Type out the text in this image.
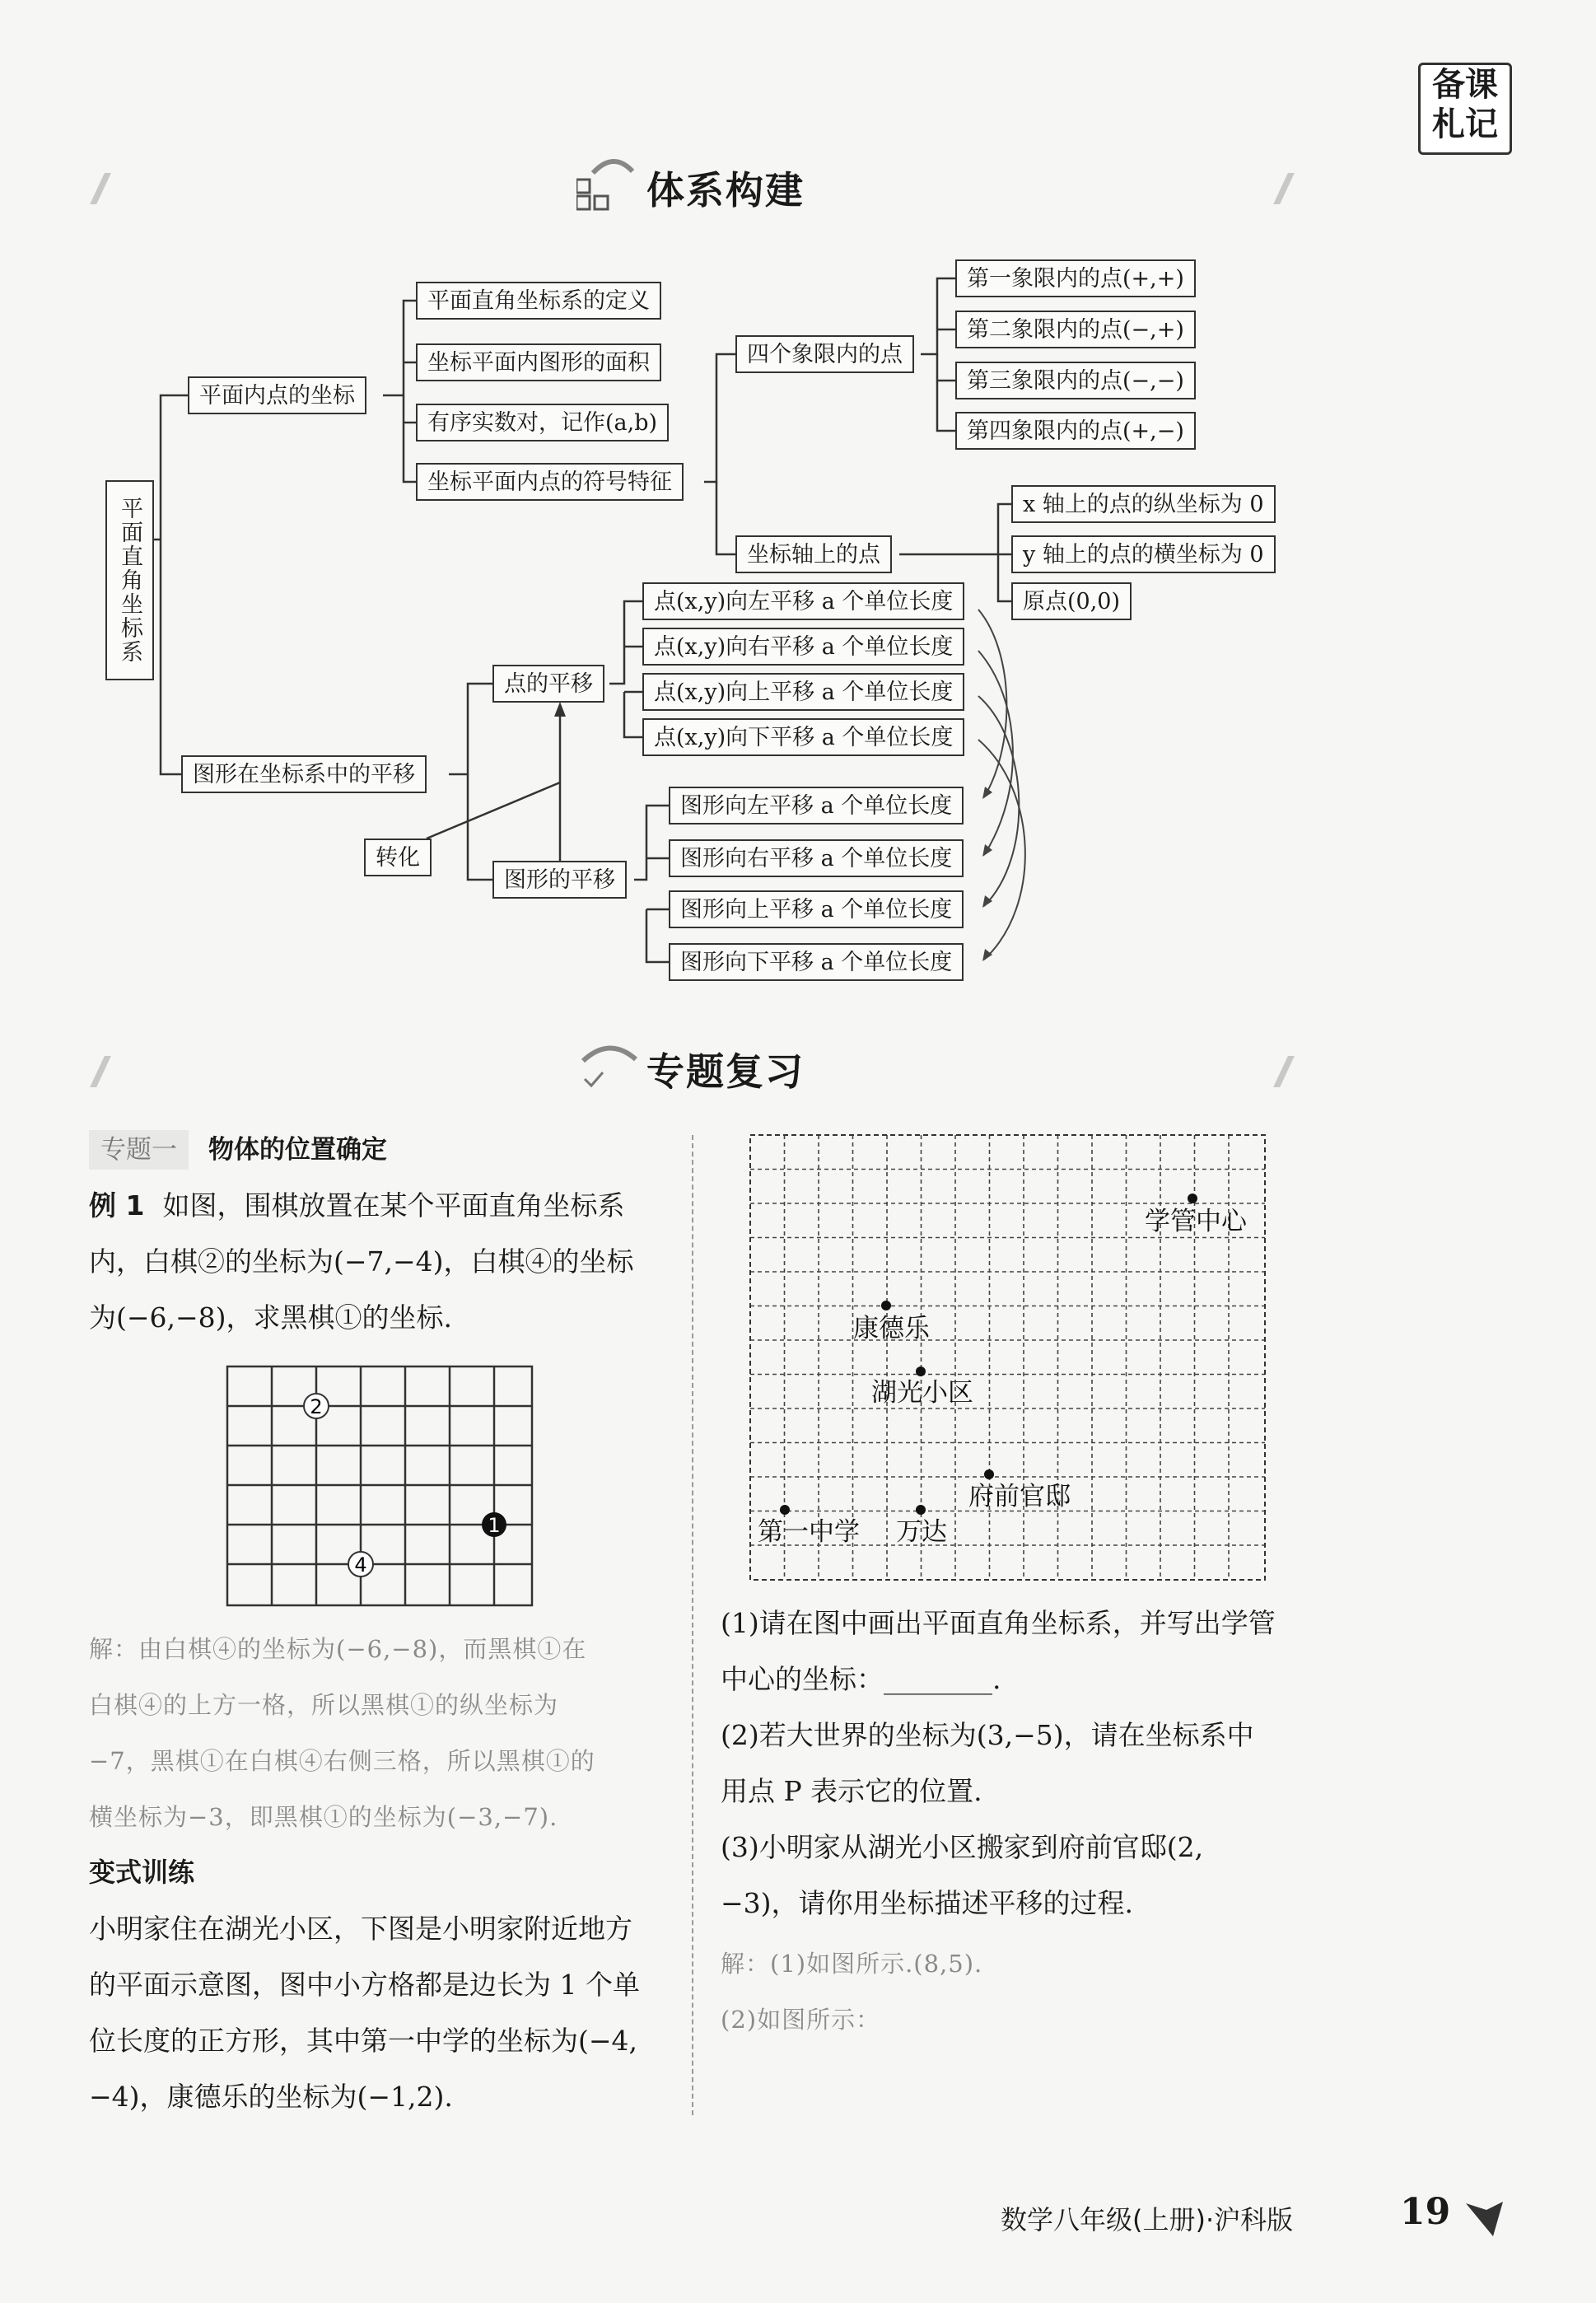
备课
札记
体系构建
平面直角坐标系
平面内点的坐标
平面直角坐标系的定义
坐标平面内图形的面积
有序实数对，记作(a,b)
坐标平面内点的符号特征
四个象限内的点
第一象限内的点(+,+)
第二象限内的点(−,+)
第三象限内的点(−,−)
第四象限内的点(+,−)
坐标轴上的点
x 轴上的点的纵坐标为 0
y 轴上的点的横坐标为 0
原点(0,0)
图形在坐标系中的平移
点的平移
点(x,y)向左平移 a 个单位长度
点(x,y)向右平移 a 个单位长度
点(x,y)向上平移 a 个单位长度
点(x,y)向下平移 a 个单位长度
转化
图形的平移
图形向左平移 a 个单位长度
图形向右平移 a 个单位长度
图形向上平移 a 个单位长度
图形向下平移 a 个单位长度
专题复习
专题一 物体的位置确定
例 1 如图，围棋放置在某个平面直角坐标系
内，白棋②的坐标为(−7,−4)，白棋④的坐标
为(−6,−8)，求黑棋①的坐标.
2
1
4
解：由白棋④的坐标为(−6,−8)，而黑棋①在
白棋④的上方一格，所以黑棋①的纵坐标为
−7，黑棋①在白棋④右侧三格，所以黑棋①的
横坐标为−3，即黑棋①的坐标为(−3,−7).
变式训练
小明家住在湖光小区，下图是小明家附近地方
的平面示意图，图中小方格都是边长为 1 个单
位长度的正方形，其中第一中学的坐标为(−4,
−4)，康德乐的坐标为(−1,2).
学管中心
康德乐
湖光小区
府前官邸
第一中学 万达
(1)请在图中画出平面直角坐标系，并写出学管
中心的坐标：________.
(2)若大世界的坐标为(3,−5)，请在坐标系中
用点 P 表示它的位置.
(3)小明家从湖光小区搬家到府前官邸(2,
−3)，请你用坐标描述平移的过程.
解：(1)如图所示.(8,5).
(2)如图所示：
数学八年级(上册)·沪科版	19
